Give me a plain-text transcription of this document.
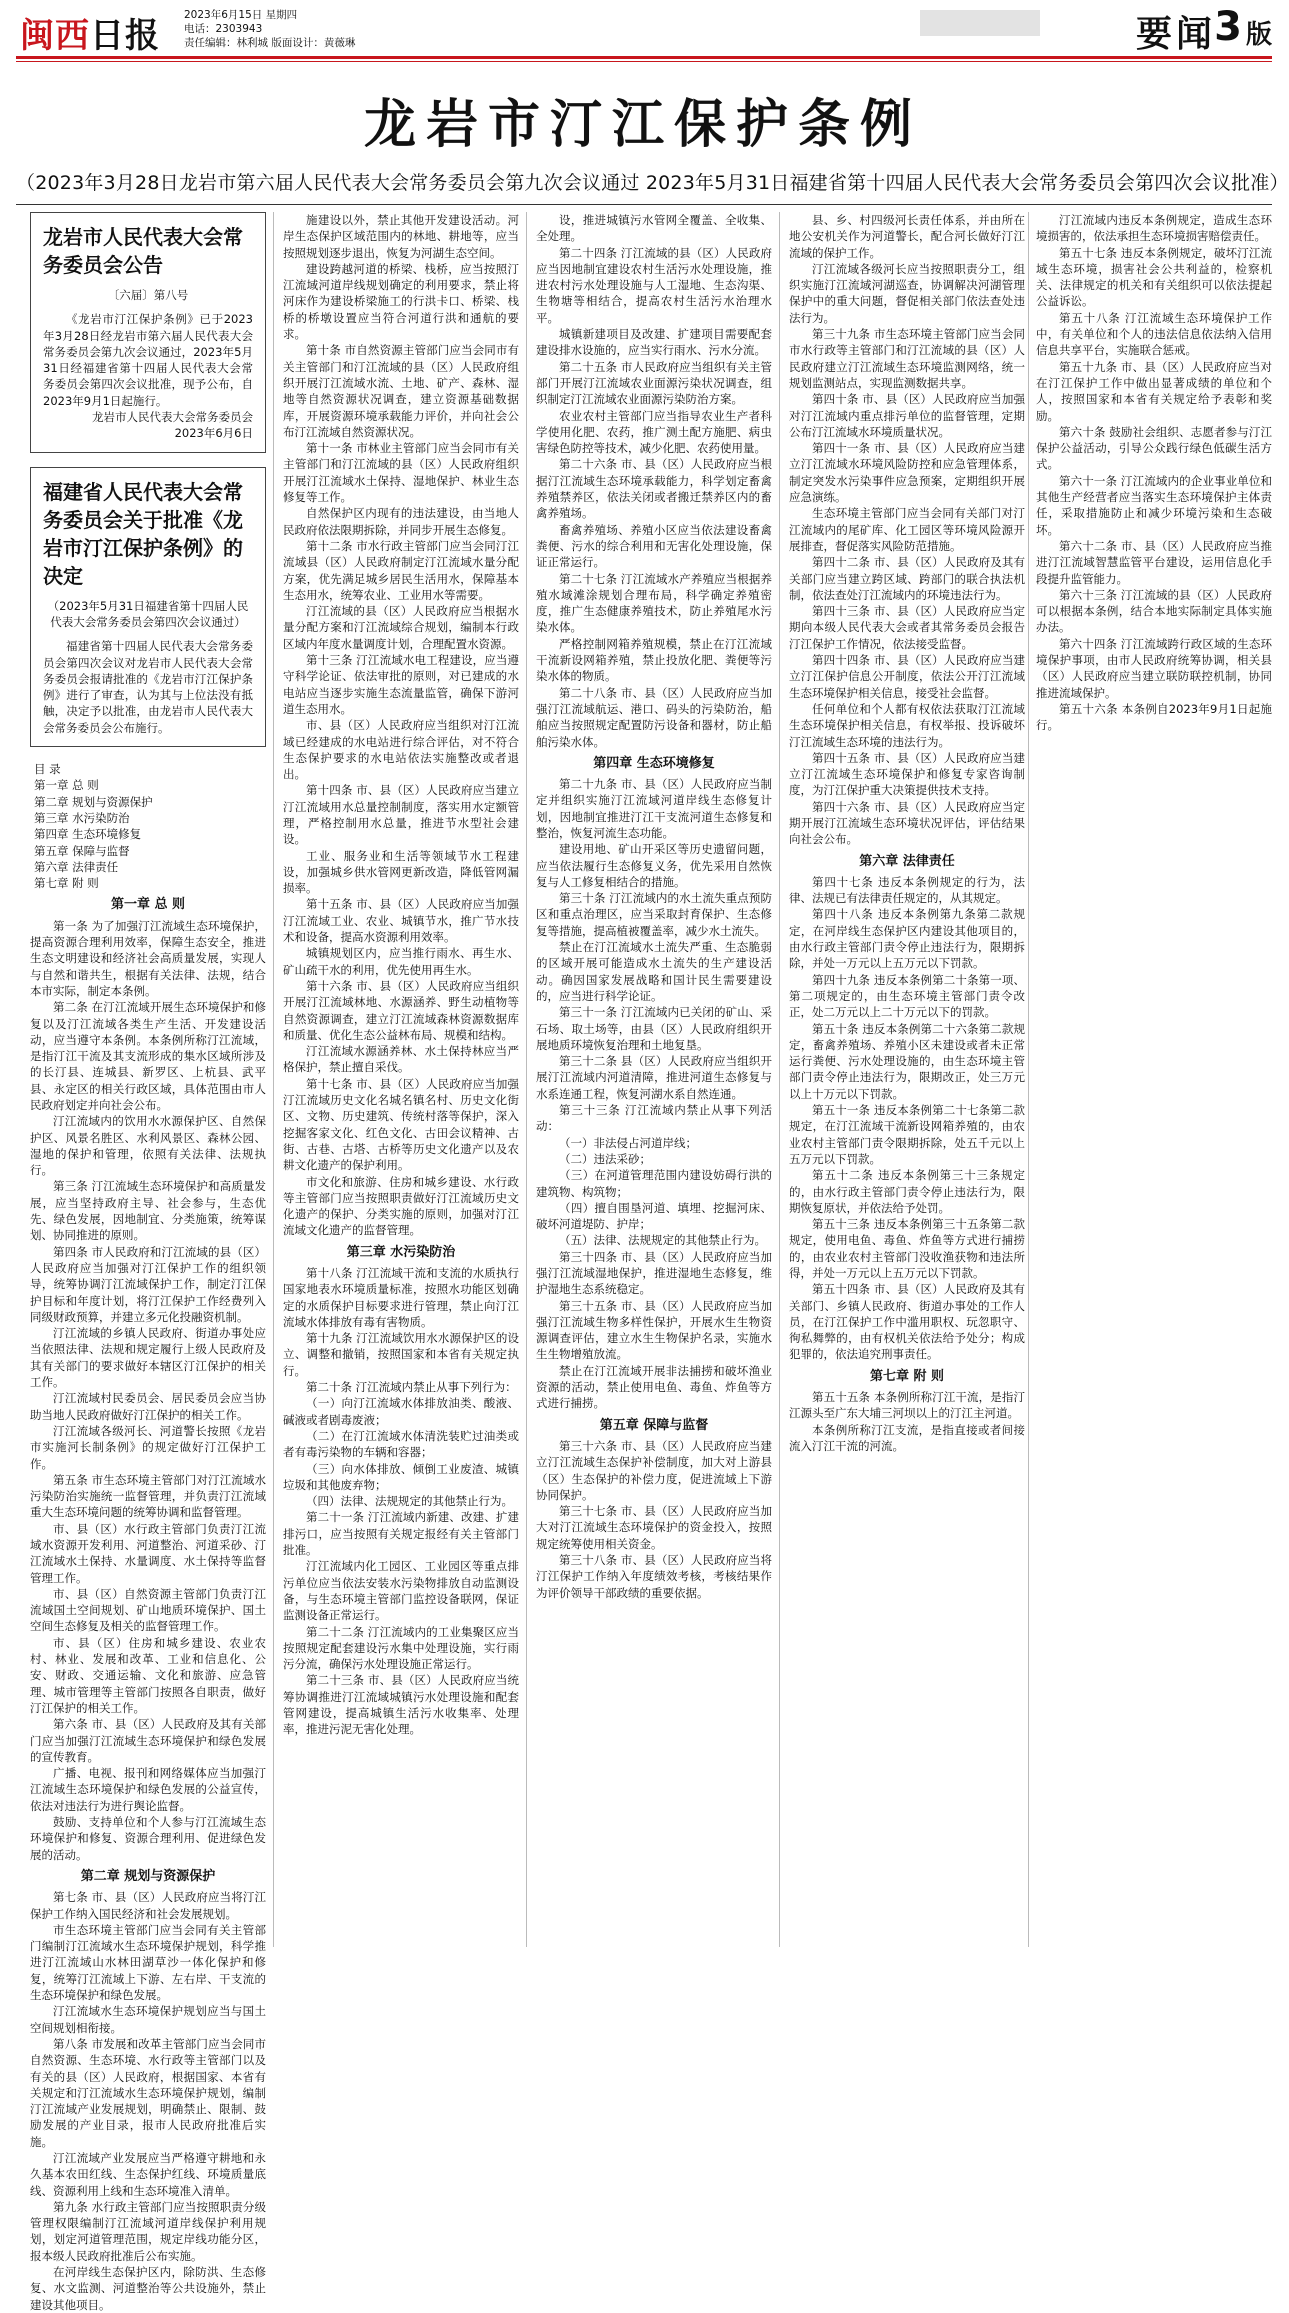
闽西日报
2023年6月15日 星期四
电话：2303943
责任编辑：林利城 版面设计：黄薇琳	要闻
3 版
龙岩市汀江保护条例
（2023年3月28日龙岩市第六届人民代表大会常务委员会第九次会议通过 2023年5月31日福建省第十四届人民代表大会常务委员会第四次会议批准）
龙岩市人民代表大会常务委员会公告
〔六届〕第八号

《龙岩市汀江保护条例》已于2023年3月28日经龙岩市第六届人民代表大会常务委员会第九次会议通过，2023年5月31日经福建省第十四届人民代表大会常务委员会第四次会议批准，现予公布，自2023年9月1日起施行。

龙岩市人民代表大会常务委员会
2023年6月6日
福建省人民代表大会常务委员会关于批准《龙岩市汀江保护条例》的决定
（2023年5月31日福建省第十四届人民代表大会常务委员会第四次会议通过）

福建省第十四届人民代表大会常务委员会第四次会议对龙岩市人民代表大会常务委员会报请批准的《龙岩市汀江保护条例》进行了审查，认为其与上位法没有抵触，决定予以批准，由龙岩市人民代表大会常务委员会公布施行。

目 录
第一章 总 则
第二章 规划与资源保护
第三章 水污染防治
第四章 生态环境修复
第五章 保障与监督
第六章 法律责任
第七章 附 则

第一章 总 则

第一条 为了加强汀江流域生态环境保护，提高资源合理利用效率，保障生态安全，推进生态文明建设和经济社会高质量发展，实现人与自然和谐共生，根据有关法律、法规，结合本市实际，制定本条例。

第二条 在汀江流域开展生态环境保护和修复以及汀江流域各类生产生活、开发建设活动，应当遵守本条例。本条例所称汀江流域，是指汀江干流及其支流形成的集水区域所涉及的长汀县、连城县、新罗区、上杭县、武平县、永定区的相关行政区域，具体范围由市人民政府划定并向社会公布。

汀江流域内的饮用水水源保护区、自然保护区、风景名胜区、水利风景区、森林公园、湿地的保护和管理，依照有关法律、法规执行。

第三条 汀江流域生态环境保护和高质量发展，应当坚持政府主导、社会参与，生态优先、绿色发展，因地制宜、分类施策，统筹谋划、协同推进的原则。

第四条 市人民政府和汀江流域的县（区）人民政府应当加强对汀江保护工作的组织领导，统筹协调汀江流域保护工作，制定汀江保护目标和年度计划，将汀江保护工作经费列入同级财政预算，并建立多元化投融资机制。

汀江流域的乡镇人民政府、街道办事处应当依照法律、法规和规定履行上级人民政府及其有关部门的要求做好本辖区汀江保护的相关工作。

汀江流域村民委员会、居民委员会应当协助当地人民政府做好汀江保护的相关工作。

汀江流域各级河长、河道警长按照《龙岩市实施河长制条例》的规定做好汀江保护工作。

第五条 市生态环境主管部门对汀江流域水污染防治实施统一监督管理，并负责汀江流域重大生态环境问题的统筹协调和监督管理。

市、县（区）水行政主管部门负责汀江流域水资源开发利用、河道整治、河道采砂、汀江流域水土保持、水量调度、水土保持等监督管理工作。

市、县（区）自然资源主管部门负责汀江流域国土空间规划、矿山地质环境保护、国土空间生态修复及相关的监督管理工作。

市、县（区）住房和城乡建设、农业农村、林业、发展和改革、工业和信息化、公安、财政、交通运输、文化和旅游、应急管理、城市管理等主管部门按照各自职责，做好汀江保护的相关工作。

第六条 市、县（区）人民政府及其有关部门应当加强汀江流域生态环境保护和绿色发展的宣传教育。

广播、电视、报刊和网络媒体应当加强汀江流域生态环境保护和绿色发展的公益宣传，依法对违法行为进行舆论监督。

鼓励、支持单位和个人参与汀江流域生态环境保护和修复、资源合理利用、促进绿色发展的活动。

第二章 规划与资源保护

第七条 市、县（区）人民政府应当将汀江保护工作纳入国民经济和社会发展规划。

市生态环境主管部门应当会同有关主管部门编制汀江流域水生态环境保护规划，科学推进汀江流域山水林田湖草沙一体化保护和修复，统筹汀江流域上下游、左右岸、干支流的生态环境保护和绿色发展。

汀江流域水生态环境保护规划应当与国土空间规划相衔接。

第八条 市发展和改革主管部门应当会同市自然资源、生态环境、水行政等主管部门以及有关的县（区）人民政府，根据国家、本省有关规定和汀江流域水生态环境保护规划，编制汀江流域产业发展规划，明确禁止、限制、鼓励发展的产业目录，报市人民政府批准后实施。

汀江流域产业发展应当严格遵守耕地和永久基本农田红线、生态保护红线、环境质量底线、资源利用上线和生态环境准入清单。

第九条 水行政主管部门应当按照职责分级管理权限编制汀江流域河道岸线保护利用规划，划定河道管理范围，规定岸线功能分区，报本级人民政府批准后公布实施。

在河岸线生态保护区内，除防洪、生态修复、水文监测、河道整治等公共设施外，禁止建设其他项目。

施建设以外，禁止其他开发建设活动。河岸生态保护区域范围内的林地、耕地等，应当按照规划逐步退出，恢复为河湖生态空间。

建设跨越河道的桥梁、栈桥，应当按照汀江流域河道岸线规划确定的利用要求，禁止将河床作为建设桥梁施工的行洪卡口、桥梁、栈桥的桥墩设置应当符合河道行洪和通航的要求。

第十条 市自然资源主管部门应当会同市有关主管部门和汀江流域的县（区）人民政府组织开展汀江流域水流、土地、矿产、森林、湿地等自然资源状况调查，建立资源基础数据库，开展资源环境承载能力评价，并向社会公布汀江流域自然资源状况。

第十一条 市林业主管部门应当会同市有关主管部门和汀江流域的县（区）人民政府组织开展汀江流域水土保持、湿地保护、林业生态修复等工作。

自然保护区内现有的违法建设，由当地人民政府依法限期拆除，并同步开展生态修复。

第十二条 市水行政主管部门应当会同汀江流域县（区）人民政府制定汀江流域水量分配方案，优先满足城乡居民生活用水，保障基本生态用水，统筹农业、工业用水等需要。

汀江流域的县（区）人民政府应当根据水量分配方案和汀江流域综合规划，编制本行政区域内年度水量调度计划，合理配置水资源。

第十三条 汀江流域水电工程建设，应当遵守科学论证、依法审批的原则，对已建成的水电站应当逐步实施生态流量监管，确保下游河道生态用水。

市、县（区）人民政府应当组织对汀江流域已经建成的水电站进行综合评估，对不符合生态保护要求的水电站依法实施整改或者退出。

第十四条 市、县（区）人民政府应当建立汀江流域用水总量控制制度，落实用水定额管理，严格控制用水总量，推进节水型社会建设。

工业、服务业和生活等领域节水工程建设，加强城乡供水管网更新改造，降低管网漏损率。

第十五条 市、县（区）人民政府应当加强汀江流域工业、农业、城镇节水，推广节水技术和设备，提高水资源利用效率。

城镇规划区内，应当推行雨水、再生水、矿山疏干水的利用，优先使用再生水。

第十六条 市、县（区）人民政府应当组织开展汀江流域林地、水源涵养、野生动植物等自然资源调查，建立汀江流域森林资源数据库和质量、优化生态公益林布局、规模和结构。

汀江流域水源涵养林、水土保持林应当严格保护，禁止擅自采伐。

第十七条 市、县（区）人民政府应当加强汀江流域历史文化名城名镇名村、历史文化街区、文物、历史建筑、传统村落等保护，深入挖掘客家文化、红色文化、古田会议精神、古街、古巷、古塔、古桥等历史文化遗产以及农耕文化遗产的保护利用。

市文化和旅游、住房和城乡建设、水行政等主管部门应当按照职责做好汀江流域历史文化遗产的保护、分类实施的原则，加强对汀江流域文化遗产的监督管理。

第三章 水污染防治

第十八条 汀江流域干流和支流的水质执行国家地表水环境质量标准，按照水功能区划确定的水质保护目标要求进行管理，禁止向汀江流域水体排放有毒有害物质。

第十九条 汀江流域饮用水水源保护区的设立、调整和撤销，按照国家和本省有关规定执行。

第二十条 汀江流域内禁止从事下列行为：

（一）向汀江流域水体排放油类、酸液、碱液或者剧毒废液；

（二）在汀江流域水体清洗装贮过油类或者有毒污染物的车辆和容器；

（三）向水体排放、倾倒工业废渣、城镇垃圾和其他废弃物；

（四）法律、法规规定的其他禁止行为。

第二十一条 汀江流域内新建、改建、扩建排污口，应当按照有关规定报经有关主管部门批准。

汀江流域内化工园区、工业园区等重点排污单位应当依法安装水污染物排放自动监测设备，与生态环境主管部门监控设备联网，保证监测设备正常运行。

第二十二条 汀江流域内的工业集聚区应当按照规定配套建设污水集中处理设施，实行雨污分流，确保污水处理设施正常运行。

第二十三条 市、县（区）人民政府应当统筹协调推进汀江流域城镇污水处理设施和配套管网建设，提高城镇生活污水收集率、处理率，推进污泥无害化处理。

设，推进城镇污水管网全覆盖、全收集、全处理。

第二十四条 汀江流域的县（区）人民政府应当因地制宜建设农村生活污水处理设施，推进农村污水处理设施与人工湿地、生态沟渠、生物塘等相结合，提高农村生活污水治理水平。

城镇新建项目及改建、扩建项目需要配套建设排水设施的，应当实行雨水、污水分流。

第二十五条 市人民政府应当组织有关主管部门开展汀江流域农业面源污染状况调查，组织制定汀江流域农业面源污染防治方案。

农业农村主管部门应当指导农业生产者科学使用化肥、农药，推广测土配方施肥、病虫害绿色防控等技术，减少化肥、农药使用量。

第二十六条 市、县（区）人民政府应当根据汀江流域生态环境承载能力，科学划定畜禽养殖禁养区，依法关闭或者搬迁禁养区内的畜禽养殖场。

畜禽养殖场、养殖小区应当依法建设畜禽粪便、污水的综合利用和无害化处理设施，保证正常运行。

第二十七条 汀江流域水产养殖应当根据养殖水域滩涂规划合理布局，科学确定养殖密度，推广生态健康养殖技术，防止养殖尾水污染水体。

严格控制网箱养殖规模，禁止在汀江流域干流新设网箱养殖，禁止投放化肥、粪便等污染水体的物质。

第二十八条 市、县（区）人民政府应当加强汀江流域航运、港口、码头的污染防治，船舶应当按照规定配置防污设备和器材，防止船舶污染水体。

第四章 生态环境修复

第二十九条 市、县（区）人民政府应当制定并组织实施汀江流域河道岸线生态修复计划，因地制宜推进汀江干支流河道生态修复和整治，恢复河流生态功能。

建设用地、矿山开采区等历史遗留问题，应当依法履行生态修复义务，优先采用自然恢复与人工修复相结合的措施。

第三十条 汀江流域内的水土流失重点预防区和重点治理区，应当采取封育保护、生态修复等措施，提高植被覆盖率，减少水土流失。

禁止在汀江流域水土流失严重、生态脆弱的区域开展可能造成水土流失的生产建设活动。确因国家发展战略和国计民生需要建设的，应当进行科学论证。

第三十一条 汀江流域内已关闭的矿山、采石场、取土场等，由县（区）人民政府组织开展地质环境恢复治理和土地复垦。

第三十二条 县（区）人民政府应当组织开展汀江流域内河道清障，推进河道生态修复与水系连通工程，恢复河湖水系自然连通。

第三十三条 汀江流域内禁止从事下列活动：

（一）非法侵占河道岸线；

（二）违法采砂；

（三）在河道管理范围内建设妨碍行洪的建筑物、构筑物；

（四）擅自围垦河道、填埋、挖掘河床、破坏河道堤防、护岸；

（五）法律、法规规定的其他禁止行为。

第三十四条 市、县（区）人民政府应当加强汀江流域湿地保护，推进湿地生态修复，维护湿地生态系统稳定。

第三十五条 市、县（区）人民政府应当加强汀江流域生物多样性保护，开展水生生物资源调查评估，建立水生生物保护名录，实施水生生物增殖放流。

禁止在汀江流域开展非法捕捞和破坏渔业资源的活动，禁止使用电鱼、毒鱼、炸鱼等方式进行捕捞。

第五章 保障与监督

第三十六条 市、县（区）人民政府应当建立汀江流域生态保护补偿制度，加大对上游县（区）生态保护的补偿力度，促进流域上下游协同保护。

第三十七条 市、县（区）人民政府应当加大对汀江流域生态环境保护的资金投入，按照规定统筹使用相关资金。

第三十八条 市、县（区）人民政府应当将汀江保护工作纳入年度绩效考核，考核结果作为评价领导干部政绩的重要依据。

县、乡、村四级河长责任体系，并由所在地公安机关作为河道警长，配合河长做好汀江流域的保护工作。

汀江流域各级河长应当按照职责分工，组织实施汀江流域河湖巡查，协调解决河湖管理保护中的重大问题，督促相关部门依法查处违法行为。

第三十九条 市生态环境主管部门应当会同市水行政等主管部门和汀江流域的县（区）人民政府建立汀江流域生态环境监测网络，统一规划监测站点，实现监测数据共享。

第四十条 市、县（区）人民政府应当加强对汀江流域内重点排污单位的监督管理，定期公布汀江流域水环境质量状况。

第四十一条 市、县（区）人民政府应当建立汀江流域水环境风险防控和应急管理体系，制定突发水污染事件应急预案，定期组织开展应急演练。

生态环境主管部门应当会同有关部门对汀江流域内的尾矿库、化工园区等环境风险源开展排查，督促落实风险防范措施。

第四十二条 市、县（区）人民政府及其有关部门应当建立跨区域、跨部门的联合执法机制，依法查处汀江流域内的环境违法行为。

第四十三条 市、县（区）人民政府应当定期向本级人民代表大会或者其常务委员会报告汀江保护工作情况，依法接受监督。

第四十四条 市、县（区）人民政府应当建立汀江保护信息公开制度，依法公开汀江流域生态环境保护相关信息，接受社会监督。

任何单位和个人都有权依法获取汀江流域生态环境保护相关信息，有权举报、投诉破坏汀江流域生态环境的违法行为。

第四十五条 市、县（区）人民政府应当建立汀江流域生态环境保护和修复专家咨询制度，为汀江保护重大决策提供技术支持。

第四十六条 市、县（区）人民政府应当定期开展汀江流域生态环境状况评估，评估结果向社会公布。

第六章 法律责任

第四十七条 违反本条例规定的行为，法律、法规已有法律责任规定的，从其规定。

第四十八条 违反本条例第九条第二款规定，在河岸线生态保护区内建设其他项目的，由水行政主管部门责令停止违法行为，限期拆除，并处一万元以上五万元以下罚款。

第四十九条 违反本条例第二十条第一项、第二项规定的，由生态环境主管部门责令改正，处二万元以上二十万元以下的罚款。

第五十条 违反本条例第二十六条第二款规定，畜禽养殖场、养殖小区未建设或者未正常运行粪便、污水处理设施的，由生态环境主管部门责令停止违法行为，限期改正，处三万元以上十万元以下罚款。

第五十一条 违反本条例第二十七条第二款规定，在汀江流域干流新设网箱养殖的，由农业农村主管部门责令限期拆除，处五千元以上五万元以下罚款。

第五十二条 违反本条例第三十三条规定的，由水行政主管部门责令停止违法行为，限期恢复原状，并依法给予处罚。

第五十三条 违反本条例第三十五条第二款规定，使用电鱼、毒鱼、炸鱼等方式进行捕捞的，由农业农村主管部门没收渔获物和违法所得，并处一万元以上五万元以下罚款。

第五十四条 市、县（区）人民政府及其有关部门、乡镇人民政府、街道办事处的工作人员，在汀江保护工作中滥用职权、玩忽职守、徇私舞弊的，由有权机关依法给予处分；构成犯罪的，依法追究刑事责任。

第七章 附 则

第五十五条 本条例所称汀江干流，是指汀江源头至广东大埔三河坝以上的汀江主河道。

本条例所称汀江支流，是指直接或者间接流入汀江干流的河流。

汀江流域内违反本条例规定，造成生态环境损害的，依法承担生态环境损害赔偿责任。

第五十七条 违反本条例规定，破坏汀江流域生态环境，损害社会公共利益的，检察机关、法律规定的机关和有关组织可以依法提起公益诉讼。

第五十八条 汀江流域生态环境保护工作中，有关单位和个人的违法信息依法纳入信用信息共享平台，实施联合惩戒。

第五十九条 市、县（区）人民政府应当对在汀江保护工作中做出显著成绩的单位和个人，按照国家和本省有关规定给予表彰和奖励。

第六十条 鼓励社会组织、志愿者参与汀江保护公益活动，引导公众践行绿色低碳生活方式。

第六十一条 汀江流域内的企业事业单位和其他生产经营者应当落实生态环境保护主体责任，采取措施防止和减少环境污染和生态破坏。

第六十二条 市、县（区）人民政府应当推进汀江流域智慧监管平台建设，运用信息化手段提升监管能力。

第六十三条 汀江流域的县（区）人民政府可以根据本条例，结合本地实际制定具体实施办法。

第六十四条 汀江流域跨行政区域的生态环境保护事项，由市人民政府统筹协调，相关县（区）人民政府应当建立联防联控机制，协同推进流域保护。

第五十六条 本条例自2023年9月1日起施行。
